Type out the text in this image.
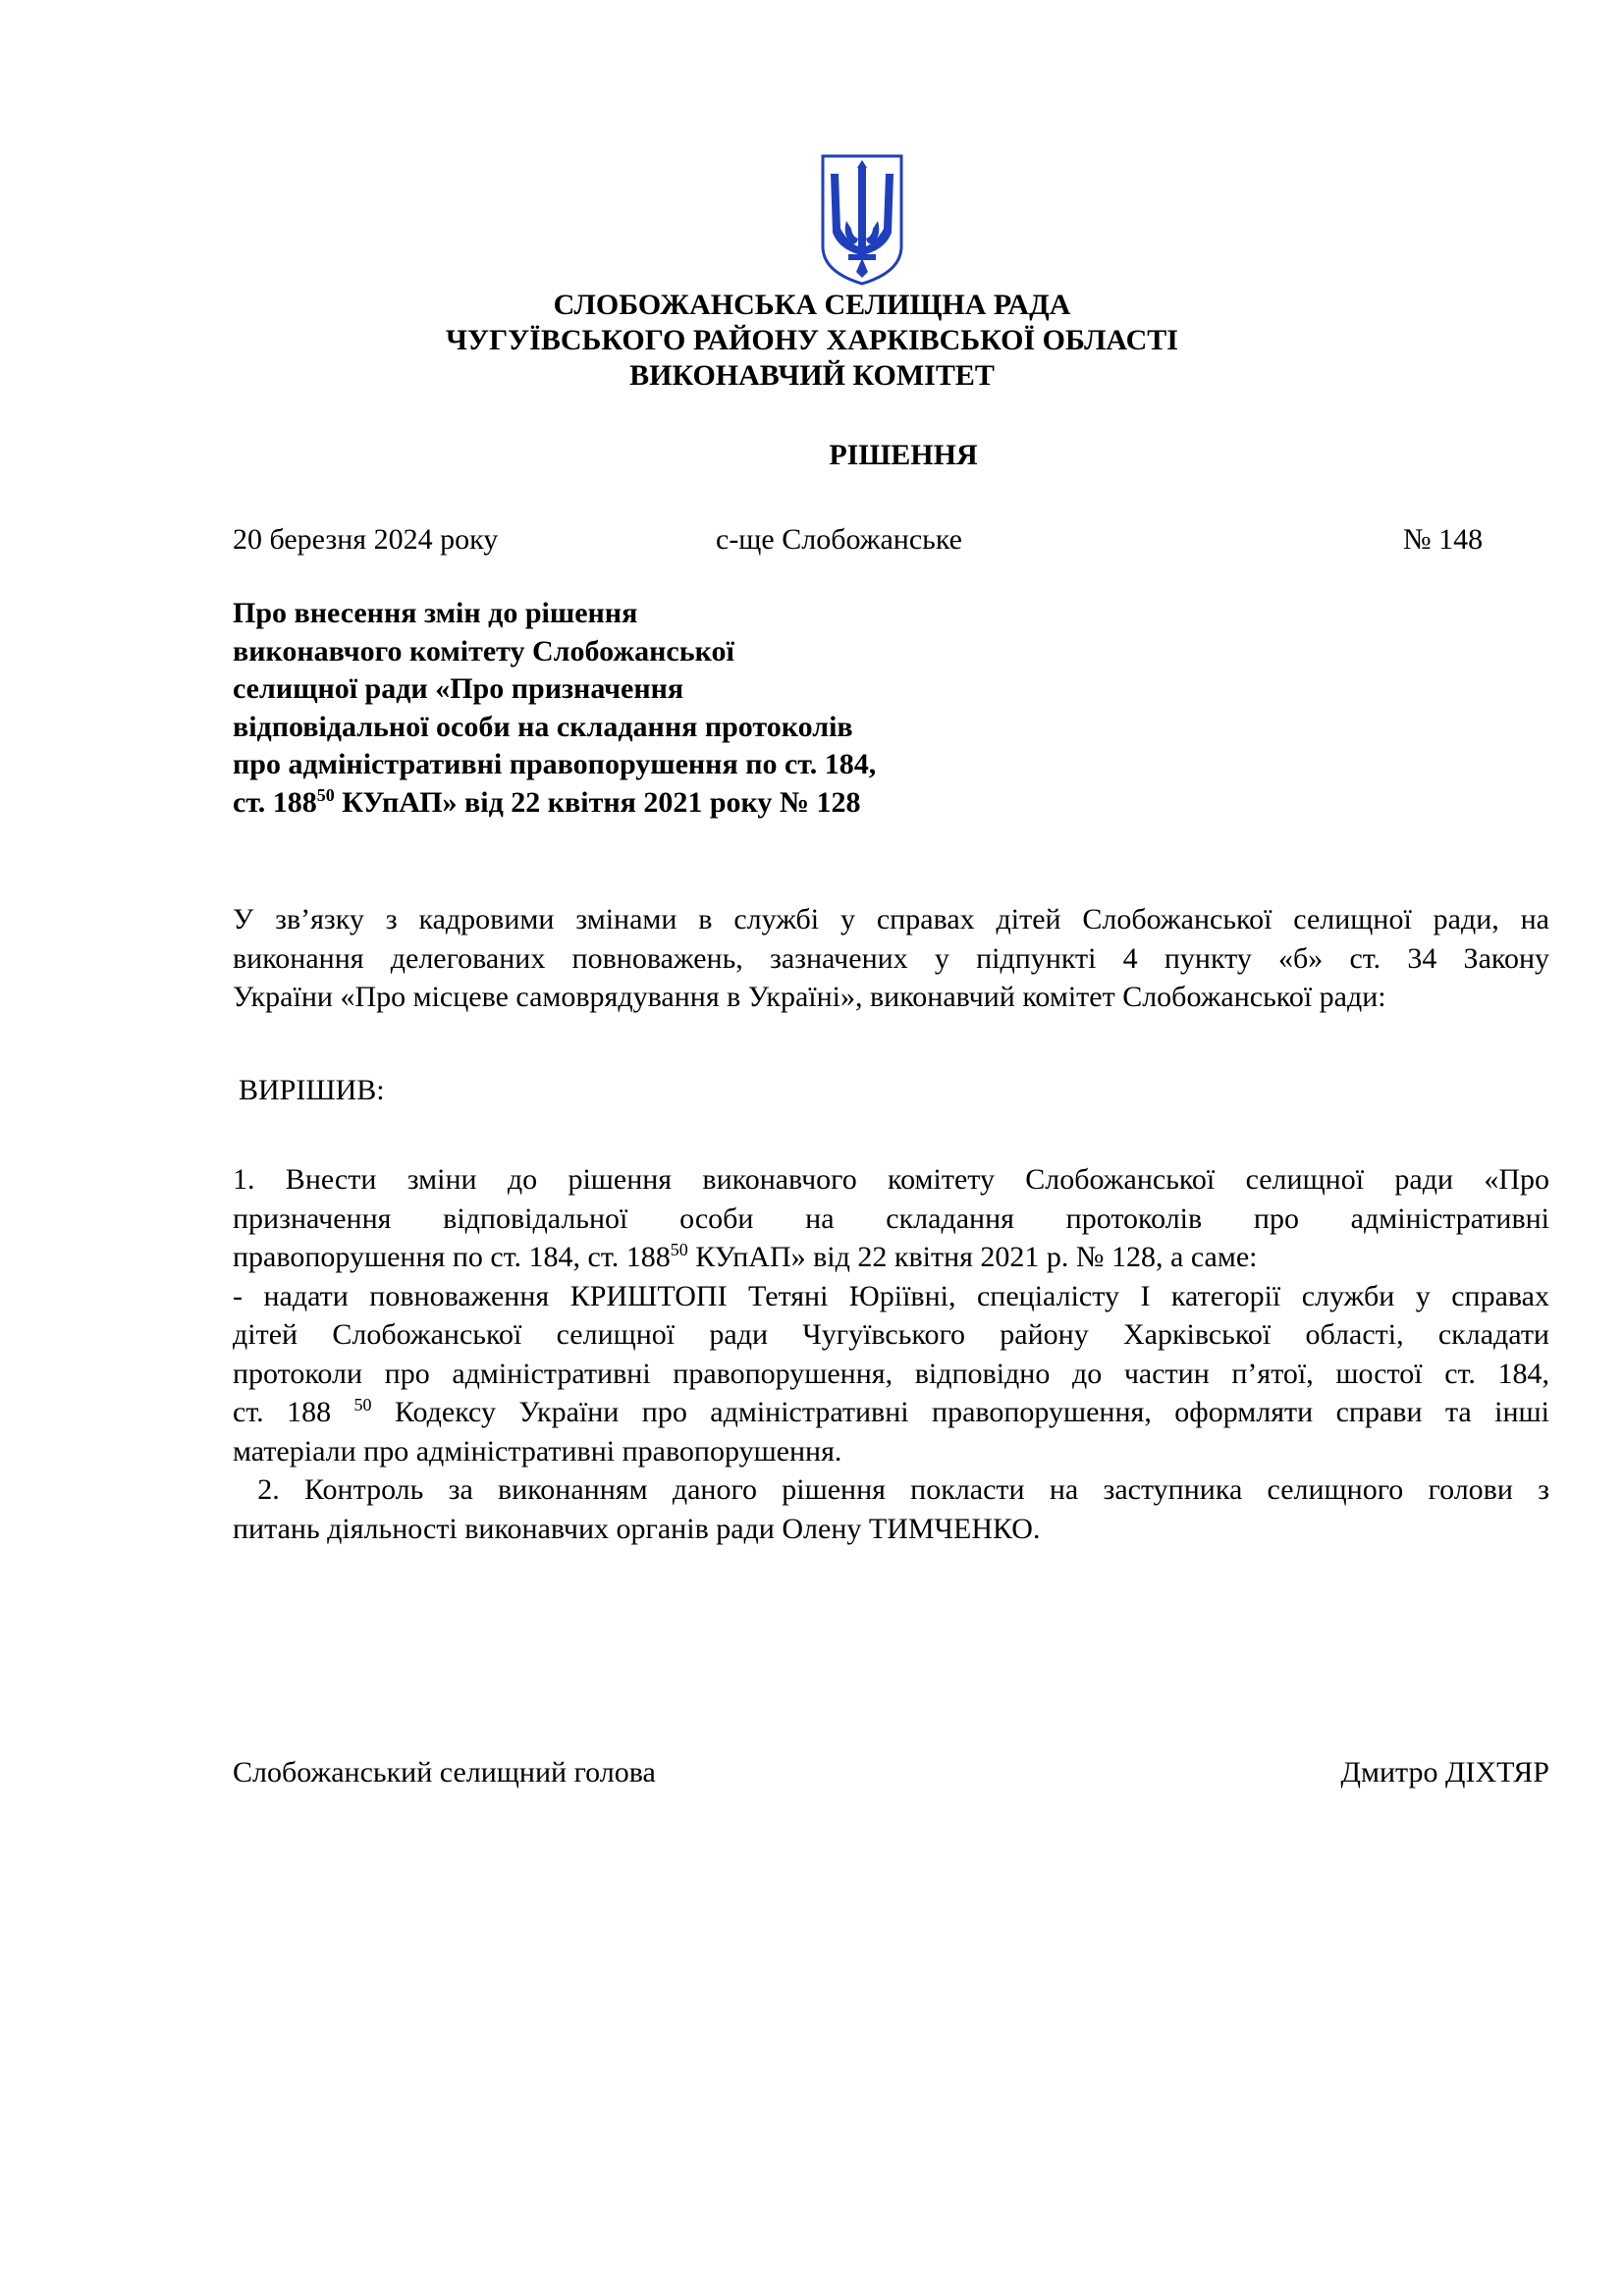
СЛОБОЖАНСЬКА СЕЛИЩНА РАДА
ЧУГУЇВСЬКОГО РАЙОНУ ХАРКІВСЬКОЇ ОБЛАСТІ
ВИКОНАВЧИЙ КОМІТЕТ
РІШЕННЯ
20 березня 2024 року	с-ще Слобожанське	№ 148
Про внесення змін до рішення
виконавчого комітету Слобожанської
селищної ради «Про призначення
відповідальної особи на складання протоколів
про адміністративні правопорушення по ст. 184,
ст. $188^{50}$ КУпАП» від 22 квітня 2021 року № 128
У зв’язку з кадровими змінами в службі у справах дітей Слобожанської селищної ради, на
виконання делегованих повноважень, зазначених у підпункті 4 пункту «б» ст. 34 Закону
України «Про місцеве самоврядування в Україні», виконавчий комітет Слобожанської ради:
ВИРІШИВ:
1. Внести зміни до рішення виконавчого комітету Слобожанської селищної ради «Про
призначення відповідальної особи на складання протоколів про адміністративні
правопорушення по ст. 184, ст. $188^{50}$ КУпАП» від 22 квітня 2021 р. № 128, а саме:
- надати повноваження КРИШТОПІ Тетяні Юріївні, спеціалісту І категорії служби у справах
дітей Слобожанської селищної ради Чугуївського району Харківської області, складати
протоколи про адміністративні правопорушення, відповідно до частин п’ятої, шостої ст. 184,
ст. 188 $^{50}$ Кодексу України про адміністративні правопорушення, оформляти справи та інші
матеріали про адміністративні правопорушення.
2. Контроль за виконанням даного рішення покласти на заступника селищного голови з
питань діяльності виконавчих органів ради Олену ТИМЧЕНКО.
Слобожанський селищний голова	Дмитро ДІХТЯР
